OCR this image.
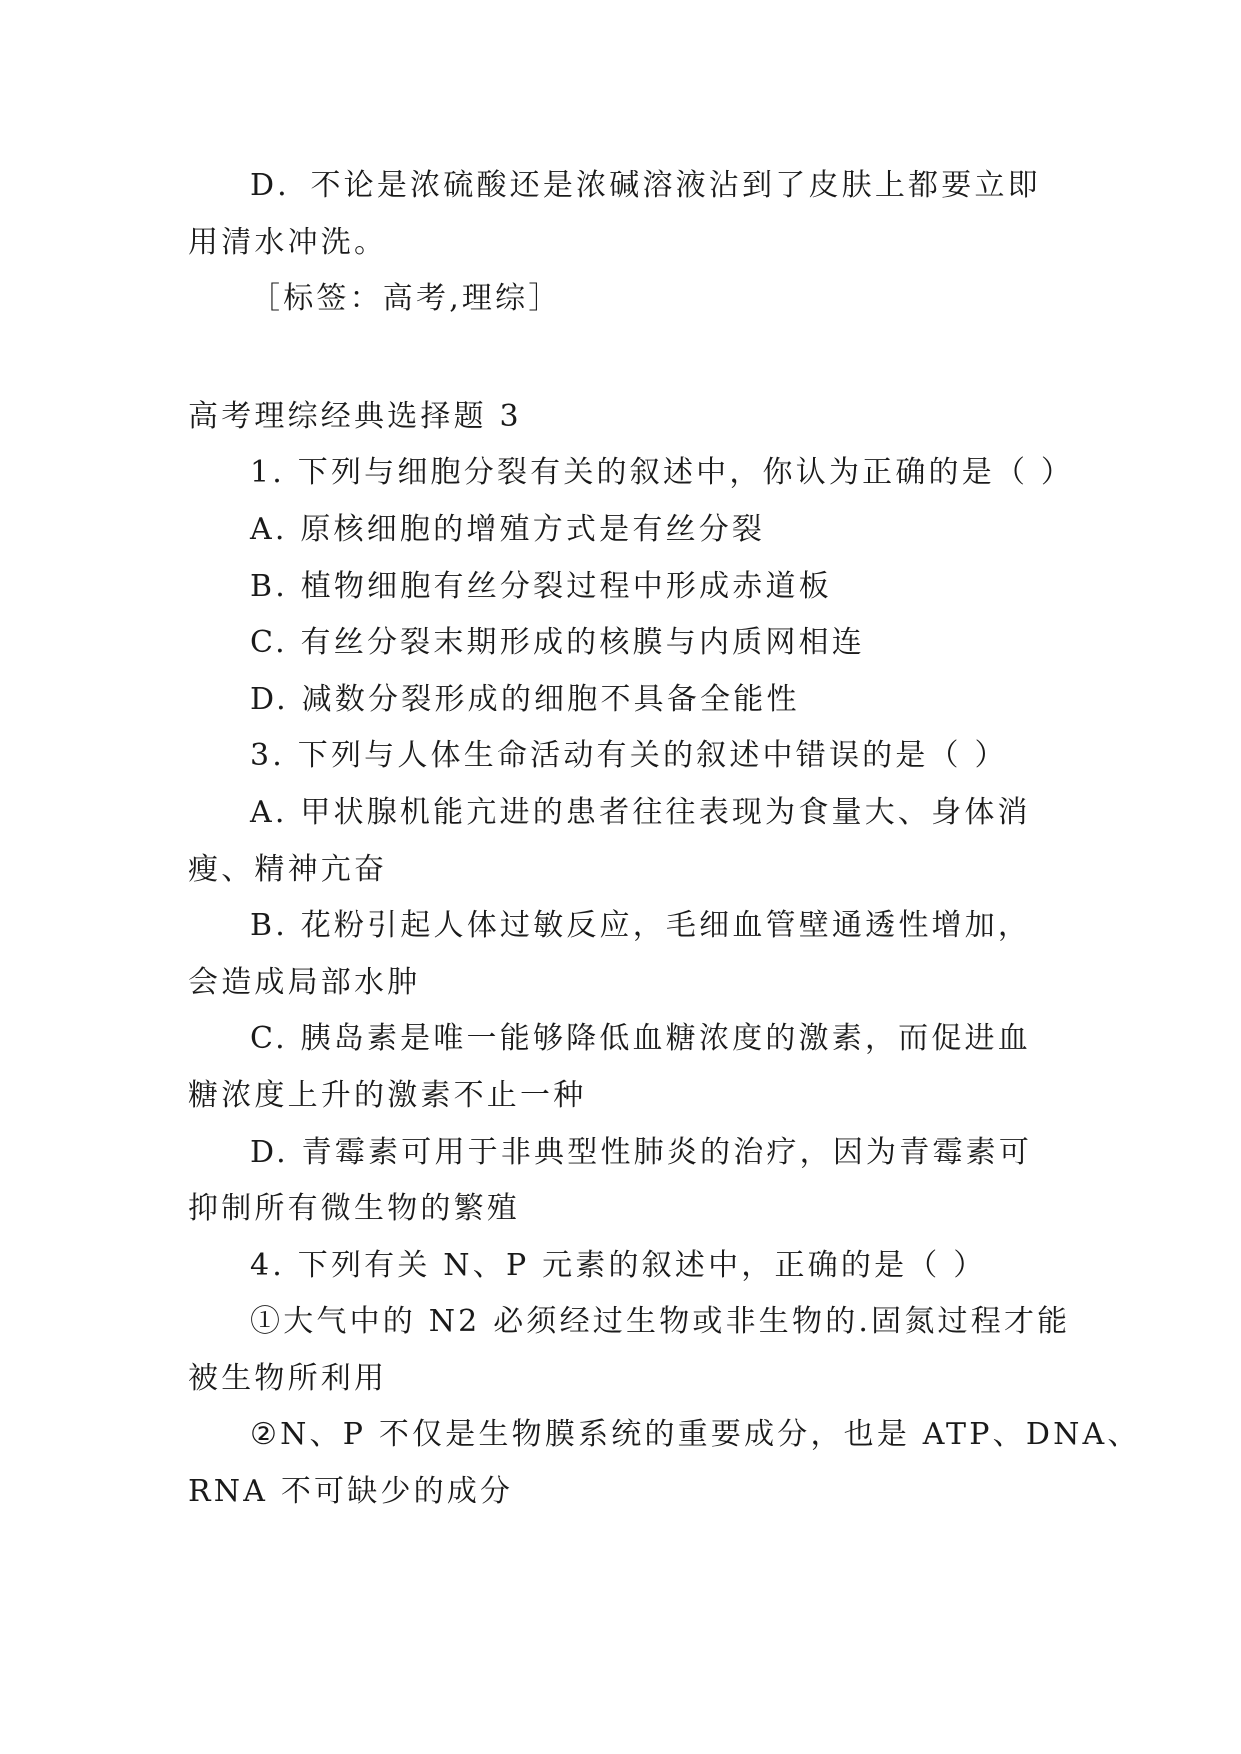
D．不论是浓硫酸还是浓碱溶液沾到了皮肤上都要立即
用清水冲洗。
［标签：高考,理综］
高考理综经典选择题 3
1. 下列与细胞分裂有关的叙述中，你认为正确的是（ ）
A. 原核细胞的增殖方式是有丝分裂
B. 植物细胞有丝分裂过程中形成赤道板
C. 有丝分裂末期形成的核膜与内质网相连
D. 减数分裂形成的细胞不具备全能性
3. 下列与人体生命活动有关的叙述中错误的是（ ）
A. 甲状腺机能亢进的患者往往表现为食量大、身体消
瘦、精神亢奋
B. 花粉引起人体过敏反应，毛细血管壁通透性增加，
会造成局部水肿
C. 胰岛素是唯一能够降低血糖浓度的激素，而促进血
糖浓度上升的激素不止一种
D. 青霉素可用于非典型性肺炎的治疗，因为青霉素可
抑制所有微生物的繁殖
4. 下列有关 N、P 元素的叙述中，正确的是（ ）
①大气中的 N2 必须经过生物或非生物的.固氮过程才能
被生物所利用
②N、P 不仅是生物膜系统的重要成分，也是 ATP、DNA、
RNA 不可缺少的成分
